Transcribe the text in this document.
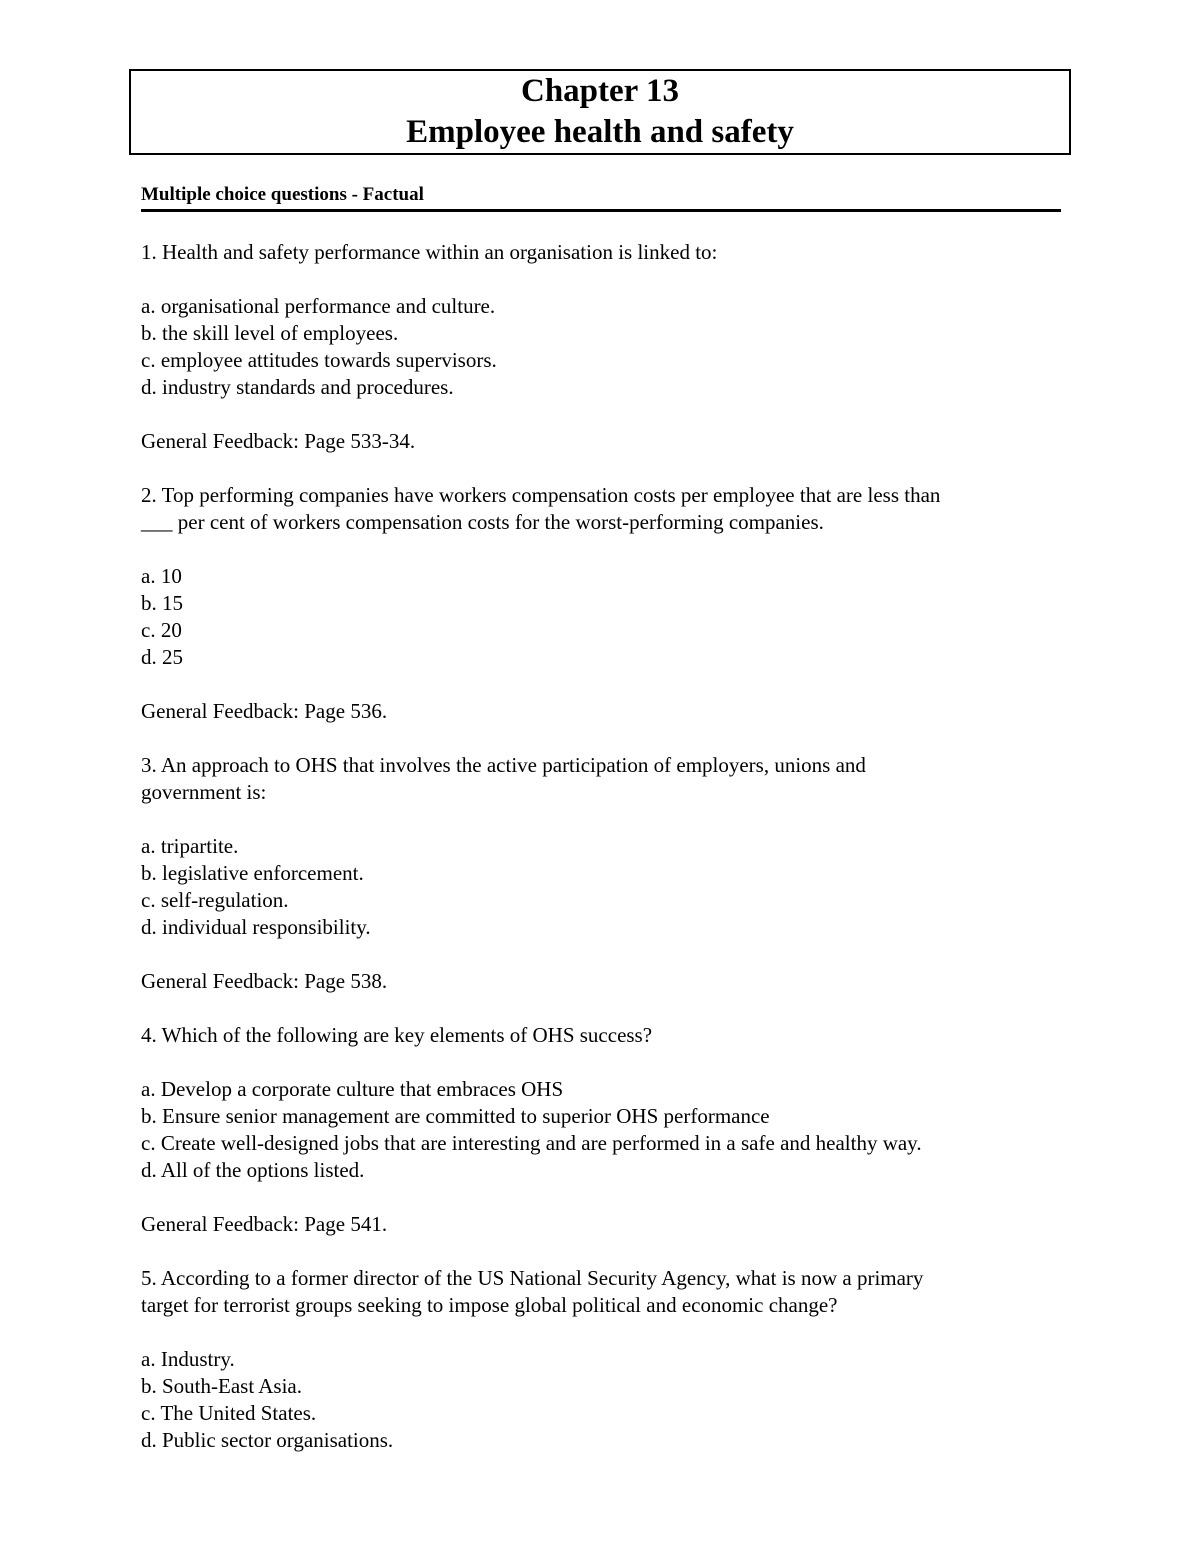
Chapter 13
Employee health and safety
Multiple choice questions - Factual

1. Health and safety performance within an organisation is linked to:

a. organisational performance and culture.

b. the skill level of employees.

c. employee attitudes towards supervisors.

d. industry standards and procedures.

General Feedback: Page 533-34.

2. Top performing companies have workers compensation costs per employee that are less than

___ per cent of workers compensation costs for the worst-performing companies.

a. 10

b. 15

c. 20

d. 25

General Feedback: Page 536.

3. An approach to OHS that involves the active participation of employers, unions and

government is:

a. tripartite.

b. legislative enforcement.

c. self-regulation.

d. individual responsibility.

General Feedback: Page 538.

4. Which of the following are key elements of OHS success?

a. Develop a corporate culture that embraces OHS

b. Ensure senior management are committed to superior OHS performance

c. Create well-designed jobs that are interesting and are performed in a safe and healthy way.

d. All of the options listed.

General Feedback: Page 541.

5. According to a former director of the US National Security Agency, what is now a primary

target for terrorist groups seeking to impose global political and economic change?

a. Industry.

b. South-East Asia.

c. The United States.

d. Public sector organisations.
